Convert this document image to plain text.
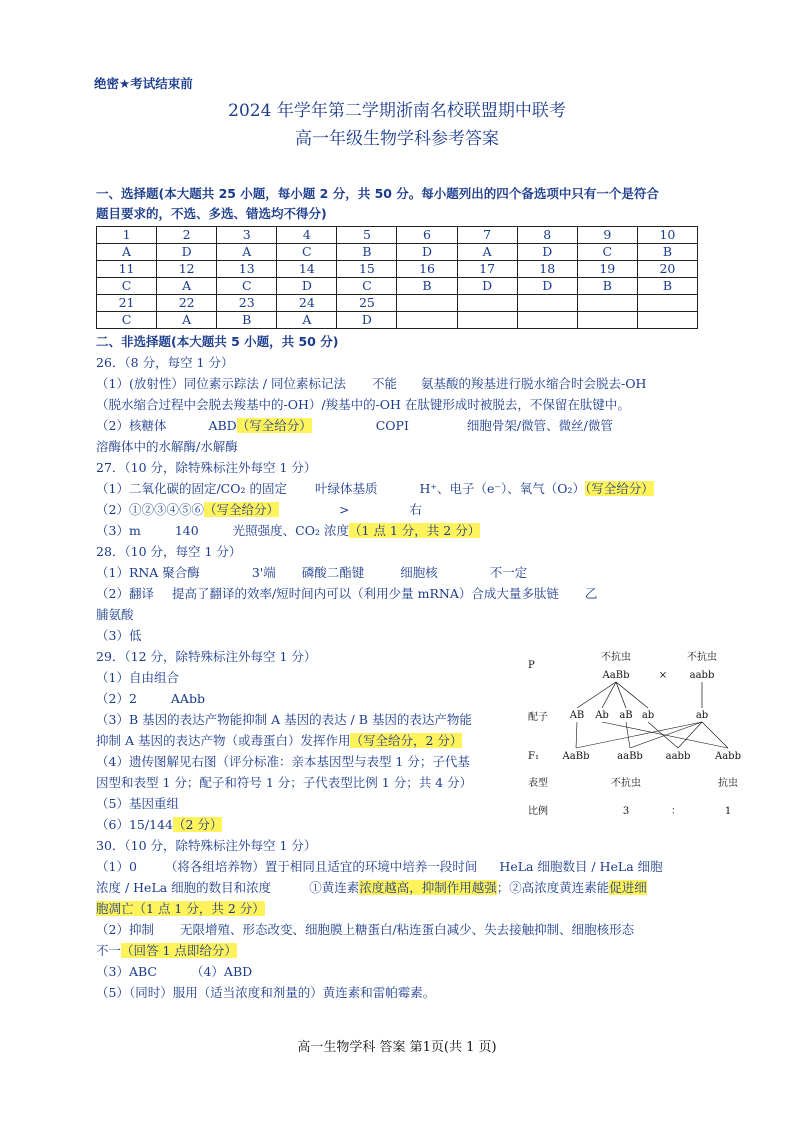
绝密★考试结束前
2024 年学年第二学期浙南名校联盟期中联考
高一年级生物学科参考答案
一、选择题(本大题共 25 小题，每小题 2 分，共 50 分。每小题列出的四个备选项中只有一个是符合
题目要求的，不选、多选、错选均不得分)
1	2	3	4	5	6	7	8	9	10
A	D	A	C	B	D	A	D	C	B
11	12	13	14	15	16	17	18	19	20
C	A	C	D	C	B	D	D	B	B
21	22	23	24	25					
C	A	B	A	D					
二、非选择题(本大题共 5 小题，共 50 分)
26．（8 分，每空 1 分）
（1）(放射性）同位素示踪法 / 同位素标记法 不能 氨基酸的羧基进行脱水缩合时会脱去-OH
（脱水缩合过程中会脱去羧基中的-OH）/羧基中的-OH 在肽键形成时被脱去，不保留在肽键中。
（2）核糖体	ABD（写全给分）	COPⅠ	细胞骨架/微管、微丝/微管
溶酶体中的水解酶/水解酶
27．（10 分，除特殊标注外每空 1 分）
（1）二氧化碳的固定/CO₂ 的固定 叶绿体基质	H⁺、电子（e⁻）、氧气（O₂）（写全给分）
（2）①②③④⑤⑥（写全给分）	>	右
（3）m	140	光照强度、CO₂ 浓度（1 点 1 分，共 2 分）
28．（10 分，每空 1 分）
（1）RNA 聚合酶	3'端 磷酸二酯键	细胞核	不一定
（2）翻译 提高了翻译的效率/短时间内可以（利用少量 mRNA）合成大量多肽链 乙
脯氨酸
（3）低
29．（12 分，除特殊标注外每空 1 分）
（1）自由组合
（2）2	AAbb
（3）B 基因的表达产物能抑制 A 基因的表达 / B 基因的表达产物能
抑制 A 基因的表达产物（或毒蛋白）发挥作用（写全给分，2 分）
（4）遗传图解见右图（评分标准：亲本基因型与表型 1 分；子代基
因型和表型 1 分；配子和符号 1 分；子代表型比例 1 分；共 4 分）
（5）基因重组
（6）15/144（2 分）
30．（10 分，除特殊标注外每空 1 分）
（1）0 （将各组培养物）置于相同且适宜的环境中培养一段时间 HeLa 细胞数目 / HeLa 细胞
浓度 / HeLa 细胞的数目和浓度	①黄连素浓度越高，抑制作用越强；②高浓度黄连素能促进细
胞凋亡（1 点 1 分，共 2 分）
（2）抑制 无限增殖、形态改变、细胞膜上糖蛋白/粘连蛋白减少、失去接触抑制、细胞核形态
不一（回答 1 点即给分）
（3）ABC	（4）ABD
（5）（同时）服用（适当浓度和剂量的）黄连素和雷帕霉素。
P
不抗虫	不抗虫
AaBb	× aabb
配子 AB Ab aB ab	ab
F₁ AaBb	aaBb aabb Aabb
表型	不抗虫	抗虫
比例	3	：	1
高一生物学科 答案 第1页(共 1 页)
